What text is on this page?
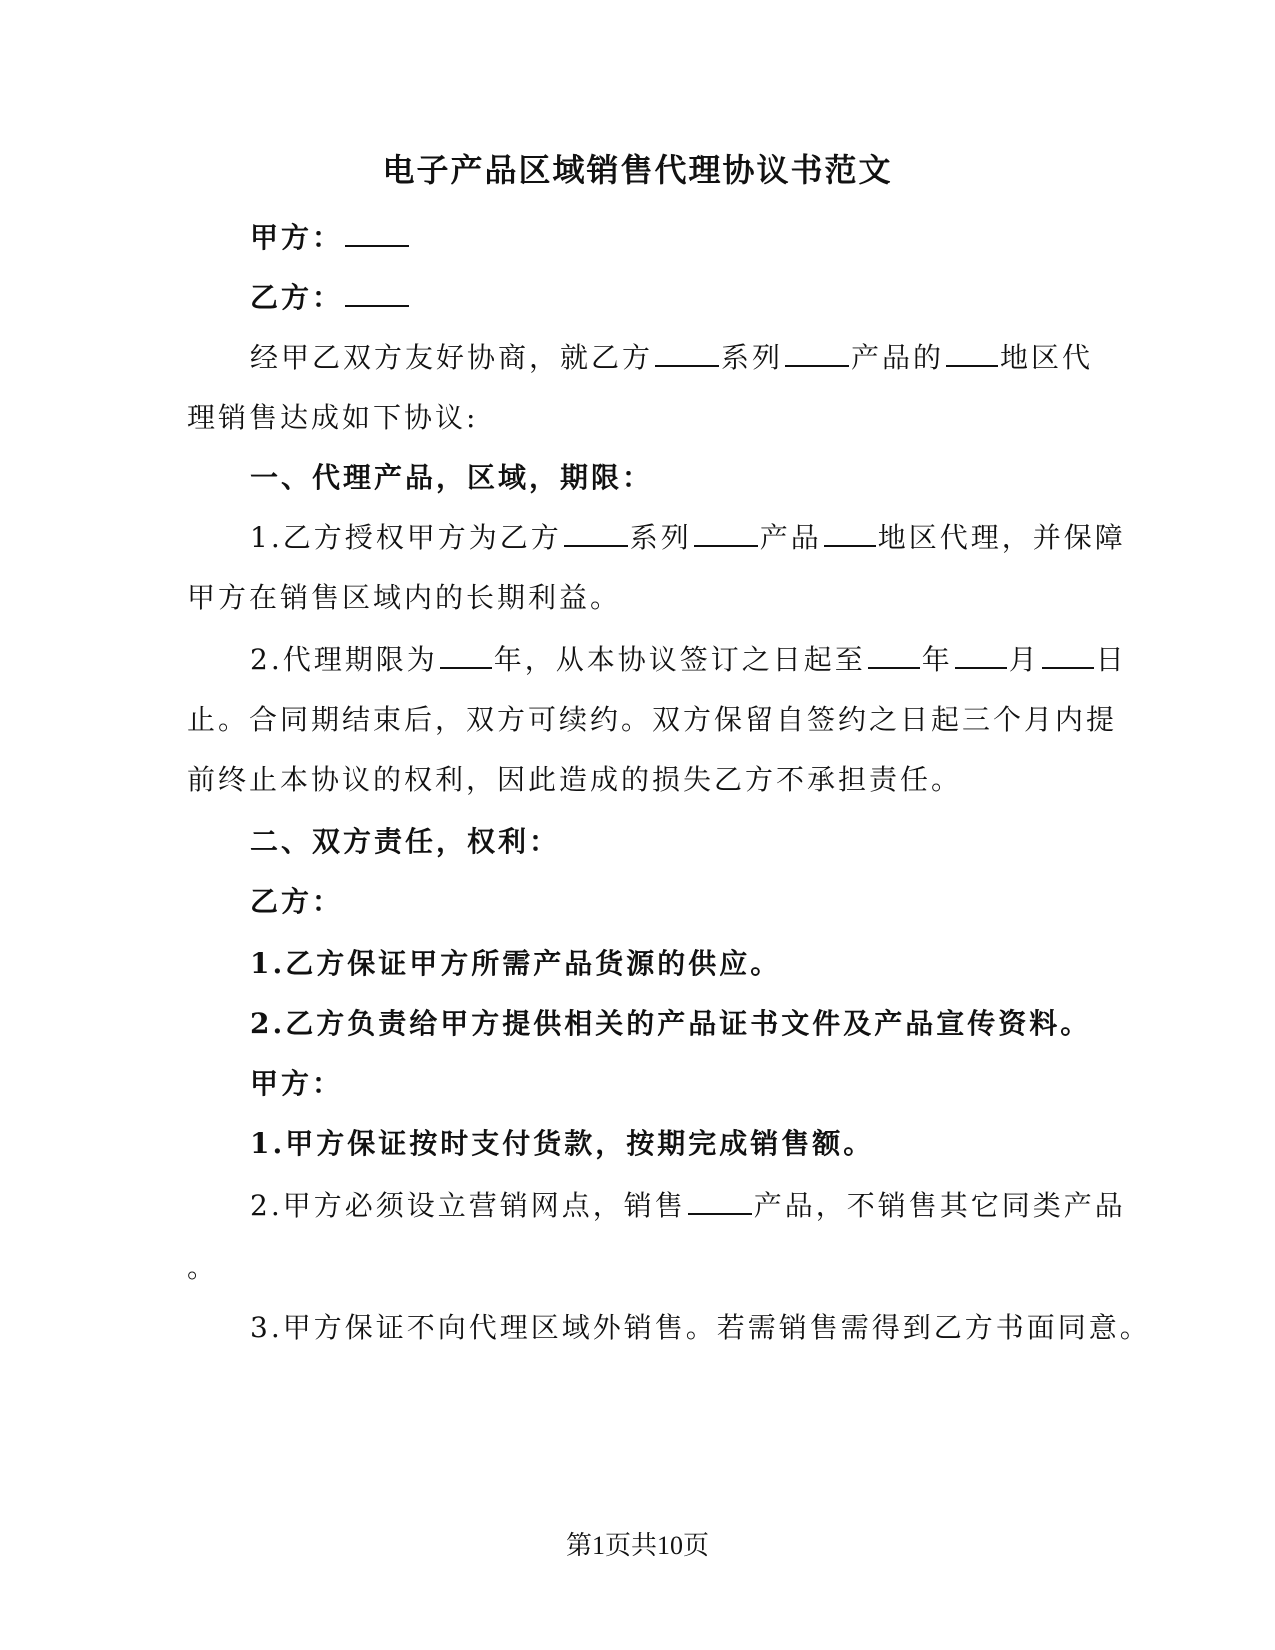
电子产品区域销售代理协议书范文
甲方：
乙方：
经甲乙双方友好协商，就乙方 系列 产品的 地区代
理销售达成如下协议:
一、代理产品，区域，期限：
1.乙方授权甲方为乙方 系列 产品 地区代理，并保障
甲方在销售区域内的长期利益。
2.代理期限为 年，从本协议签订之日起至 年 月 日
止。合同期结束后，双方可续约。双方保留自签约之日起三个月内提
前终止本协议的权利，因此造成的损失乙方不承担责任。
二、双方责任，权利：
乙方：
1.乙方保证甲方所需产品货源的供应。
2.乙方负责给甲方提供相关的产品证书文件及产品宣传资料。
甲方：
1.甲方保证按时支付货款，按期完成销售额。
2.甲方必须设立营销网点，销售 产品，不销售其它同类产品
。
3.甲方保证不向代理区域外销售。若需销售需得到乙方书面同意。
第1页共10页
